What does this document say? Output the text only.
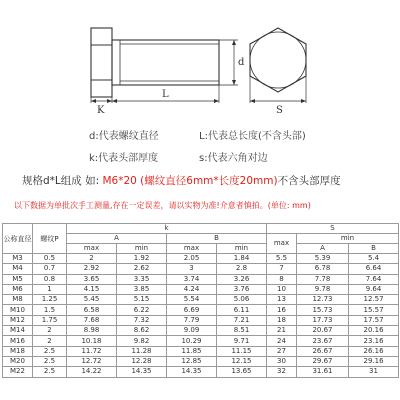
K
L
d
S
d:代表螺纹直径	L:代表总长度(不含头部)
k:代表头部厚度	s:代表六角对边
规格d*L组成 如: M6*20 (螺纹直径6mm*长度20mm)不含头部厚度
以下数据为单批次手工测量,存在一定误差，请以实物为准!介意者慎拍。(单位: mm)
公称直径	螺纹P	k				S		
		A		B		max	min	
		max	min	max	min		A	B
M3	0.5	2	1.92	2.05	1.84	5.5	5.39	5.4
M4	0.7	2.92	2.62	3	2.8	7	6.78	6.64
M5	0.8	3.65	3.35	3.74	3.26	8	7.78	7.64
M6	1	4.15	3.85	4.24	3.76	10	9.78	9.64
M8	1.25	5.45	5.15	5.54	5.06	13	12.73	12.57
M10	1.5	6.58	6.22	6.69	6.11	16	15.73	15.57
M12	1.75	7.68	7.32	7.79	7.21	18	17.73	17.57
M14	2	8.98	8.62	9.09	8.51	21	20.67	20.16
M16	2	10.18	9.82	10.29	9.71	24	23.67	23.16
M18	2.5	11.72	11.28	11.85	11.15	27	26.67	26.16
M20	2.5	12.72	12.28	12.85	12.15	30	29.67	29.16
M22	2.5	14.22	14.35	14.35	13.65	32	31.61	31
